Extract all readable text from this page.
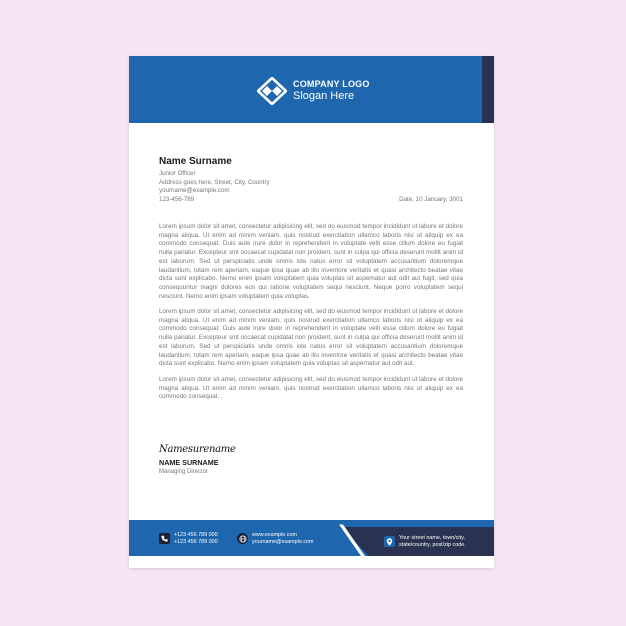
COMPANY LOGO
Slogan Here
Name Surname
Junior Officer
Address goes here, Street, City, Country
yourname@example.com
123-456-789	Date, 10 January, 3001

Lorem ipsum dolor sit amet, consectetur adipisicing elit, sed do eiusmod tempor incididunt ut labore et dolore magna aliqua. Ut enim ad minim veniam, quis nostrud exercitation ullamco laboris nisi ut aliquip ex ea commodo consequat. Duis aute irure dolor in reprehenderit in voluptate velit esse cillum dolore eu fugiat nulla pariatur. Excepteur sint occaecat cupidatat non proident, sunt in culpa qui officia deserunt mollit anim id est laborum. Sed ut perspiciatis unde omnis iste natus error sit voluptatem accusantium doloremque laudantium, totam rem aperiam, eaque ipsa quae ab illo inventore veritatis et quasi architecto beatae vitae dicta sunt explicabo. Nemo enim ipsam voluptatem quia voluptas sit aspernatur aut odit aut fugit, sed quia consequuntur magni dolores eos qui ratione voluptatem sequi nesciunt. Neque porro voluptatem sequi nesciunt. Nemo enim ipsam voluptatem quia voluptas.

Lorem ipsum dolor sit amet, consectetur adipisicing elit, sed do eiusmod tempor incididunt ut labore et dolore magna aliqua. Ut enim ad minim veniam, quis nostrud exercitation ullamco laboris nisi ut aliquip ex ea commodo consequat. Duis aute irure dolor in reprehenderit in voluptate velit esse cillum dolore eu fugiat nulla pariatur. Excepteur sint occaecat cupidatat non proident, sunt in culpa qui officia deserunt mollit anim id est laborum. Sed ut perspiciatis unde omnis iste natus error sit voluptatem accusantium doloremque laudantium, totam rem aperiam, eaque ipsa quae ab illo inventore veritatis et quasi architecto beatae vitae dicta sunt explicabo. Nemo enim ipsam voluptatem quia voluptas sit aspernatur aut odit aut.

Lorem ipsum dolor sit amet, consectetur adipisicing elit, sed do eiusmod tempor incididunt ut labore et dolore magna aliqua. Ut enim ad minim veniam, quis nostrud exercitation ullamco laboris nisi ut aliquip ex ea commodo consequat. .

Namesurename
NAME SURNAME
Managing Director
+123 456 789 000
+123 456 789 000
www.example.com
yourname@example.com
Your street name, town/city,
state/country, post/zip code.
